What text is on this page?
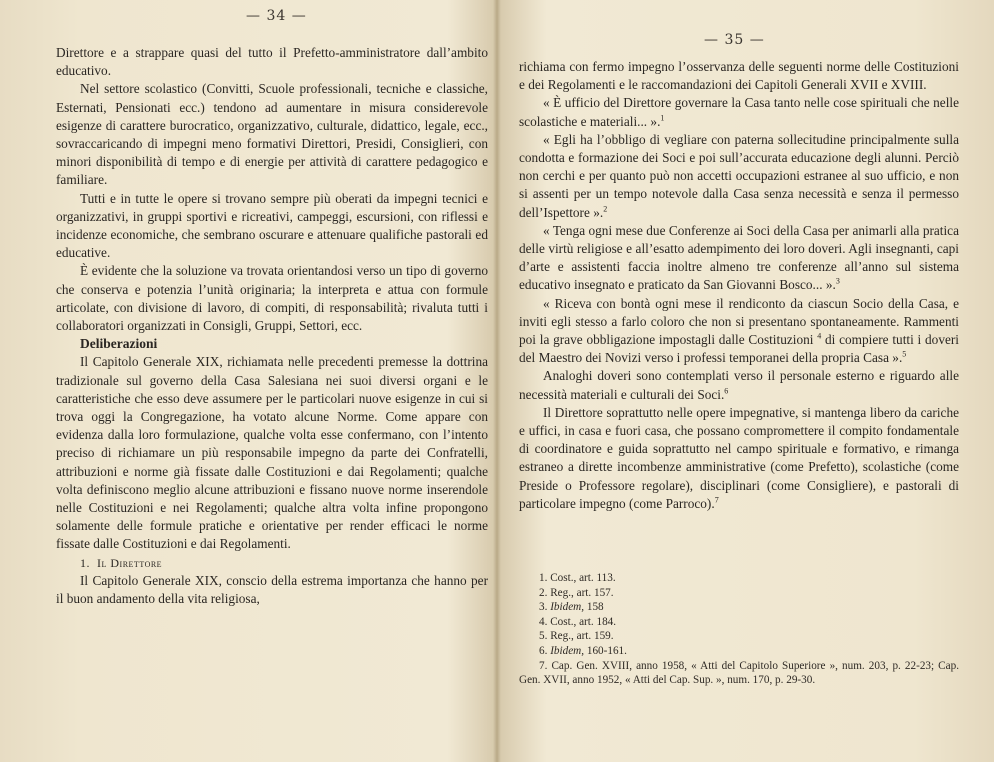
— 34 —

Direttore e a strappare quasi del tutto il Prefetto-amministratore dall’ambito educativo.

Nel settore scolastico (Convitti, Scuole professionali, tecniche e classiche, Esternati, Pensionati ecc.) tendono ad aumentare in misura considerevole esigenze di carattere burocratico, organizzativo, culturale, didattico, legale, ecc., sovraccaricando di impegni meno formativi Direttori, Presidi, Consiglieri, con minori disponibilità di tempo e di energie per attività di carattere pedagogico e familiare.

Tutti e in tutte le opere si trovano sempre più oberati da impegni tecnici e organizzativi, in gruppi sportivi e ricreativi, campeggi, escursioni, con riflessi e incidenze economiche, che sembrano oscurare e attenuare qualifiche pastorali ed educative.

È evidente che la soluzione va trovata orientandosi verso un tipo di governo che conserva e potenzia l’unità originaria; la interpreta e attua con formule articolate, con divisione di lavoro, di compiti, di responsabilità; rivaluta tutti i collaboratori organizzati in Consigli, Gruppi, Settori, ecc.

Deliberazioni

Il Capitolo Generale XIX, richiamata nelle precedenti premesse la dottrina tradizionale sul governo della Casa Salesiana nei suoi diversi organi e le caratteristiche che esso deve assumere per le particolari nuove esigenze in cui si trova oggi la Congregazione, ha votato alcune Norme. Come appare con evidenza dalla loro formulazione, qualche volta esse confermano, con l’intento preciso di richiamare un più responsabile impegno da parte dei Confratelli, attribuzioni e norme già fissate dalle Costituzioni e dai Regolamenti; qualche volta definiscono meglio alcune attribuzioni e fissano nuove norme inserendole nelle Costituzioni e nei Regolamenti; qualche altra volta infine propongono solamente delle formule pratiche e orientative per render efficaci le norme fissate dalle Costituzioni e dai Regolamenti.

1. Il Direttore

Il Capitolo Generale XIX, conscio della estrema importanza che hanno per il buon andamento della vita religiosa,

— 35 —

richiama con fermo impegno l’osservanza delle seguenti norme delle Costituzioni e dei Regolamenti e le raccomandazioni dei Capitoli Generali XVII e XVIII.

« È ufficio del Direttore governare la Casa tanto nelle cose spirituali che nelle scolastiche e materiali... ».$^1$

« Egli ha l’obbligo di vegliare con paterna sollecitudine principalmente sulla condotta e formazione dei Soci e poi sull’accurata educazione degli alunni. Perciò non cerchi e per quanto può non accetti occupazioni estranee al suo ufficio, e non si assenti per un tempo notevole dalla Casa senza necessità e senza il permesso dell’Ispettore ».$^2$

« Tenga ogni mese due Conferenze ai Soci della Casa per animarli alla pratica delle virtù religiose e all’esatto adempimento dei loro doveri. Agli insegnanti, capi d’arte e assistenti faccia inoltre almeno tre conferenze all’anno sul sistema educativo insegnato e praticato da San Giovanni Bosco... ».$^3$

« Riceva con bontà ogni mese il rendiconto da ciascun Socio della Casa, e inviti egli stesso a farlo coloro che non si presentano spontaneamente. Rammenti poi la grave obbligazione impostagli dalle Costituzioni $^4$ di compiere tutti i doveri del Maestro dei Novizi verso i professi temporanei della propria Casa ».$^5$

Analoghi doveri sono contemplati verso il personale esterno e riguardo alle necessità materiali e culturali dei Soci.$^6$

Il Direttore soprattutto nelle opere impegnative, si mantenga libero da cariche e uffici, in casa e fuori casa, che possano compromettere il compito fondamentale di coordinatore e guida soprattutto nel campo spirituale e formativo, e rimanga estraneo a dirette incombenze amministrative (come Prefetto), scolastiche (come Preside o Professore regolare), disciplinari (come Consigliere), e pastorali di particolare impegno (come Parroco).$^7$

1. Cost., art. 113.
2. Reg., art. 157.
3. Ibidem, 158
4. Cost., art. 184.
5. Reg., art. 159.
6. Ibidem, 160-161.
7. Cap. Gen. XVIII, anno 1958, « Atti del Capitolo Superiore », num. 203, p. 22-23; Cap. Gen. XVII, anno 1952, « Atti del Cap. Sup. », num. 170, p. 29-30.
